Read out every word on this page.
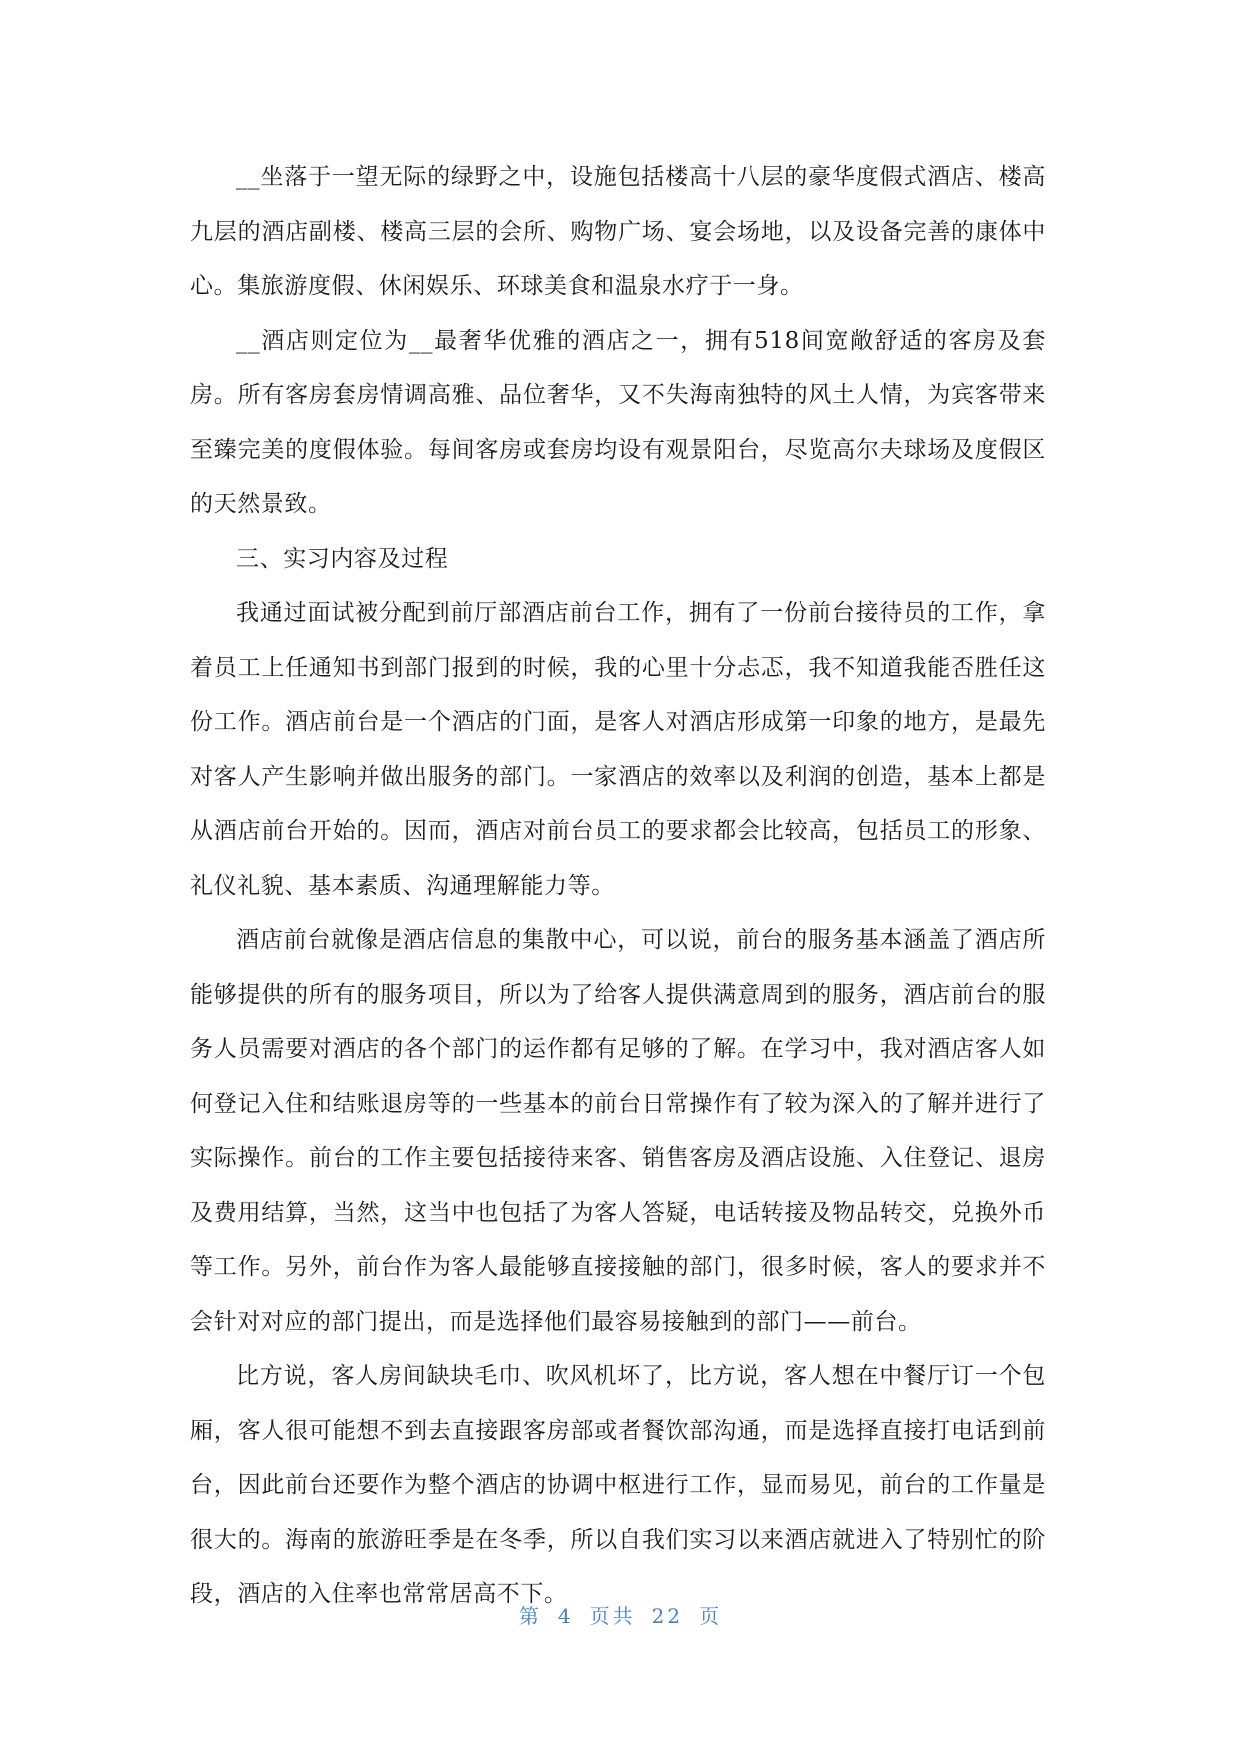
__坐落于一望无际的绿野之中，设施包括楼高十八层的豪华度假式酒店、楼高九层的酒店副楼、楼高三层的会所、购物广场、宴会场地，以及设备完善的康体中心。集旅游度假、休闲娱乐、环球美食和温泉水疗于一身。

__酒店则定位为__最奢华优雅的酒店之一，拥有518间宽敞舒适的客房及套房。所有客房套房情调高雅、品位奢华，又不失海南独特的风土人情，为宾客带来至臻完美的度假体验。每间客房或套房均设有观景阳台，尽览高尔夫球场及度假区的天然景致。

三、实习内容及过程

我通过面试被分配到前厅部酒店前台工作，拥有了一份前台接待员的工作，拿着员工上任通知书到部门报到的时候，我的心里十分忐忑，我不知道我能否胜任这份工作。酒店前台是一个酒店的门面，是客人对酒店形成第一印象的地方，是最先对客人产生影响并做出服务的部门。一家酒店的效率以及利润的创造，基本上都是从酒店前台开始的。因而，酒店对前台员工的要求都会比较高，包括员工的形象、礼仪礼貌、基本素质、沟通理解能力等。

酒店前台就像是酒店信息的集散中心，可以说，前台的服务基本涵盖了酒店所能够提供的所有的服务项目，所以为了给客人提供满意周到的服务，酒店前台的服务人员需要对酒店的各个部门的运作都有足够的了解。在学习中，我对酒店客人如何登记入住和结账退房等的一些基本的前台日常操作有了较为深入的了解并进行了实际操作。前台的工作主要包括接待来客、销售客房及酒店设施、入住登记、退房及费用结算，当然，这当中也包括了为客人答疑，电话转接及物品转交，兑换外币等工作。另外，前台作为客人最能够直接接触的部门，很多时候，客人的要求并不会针对对应的部门提出，而是选择他们最容易接触到的部门——前台。

比方说，客人房间缺块毛巾、吹风机坏了，比方说，客人想在中餐厅订一个包厢，客人很可能想不到去直接跟客房部或者餐饮部沟通，而是选择直接打电话到前台，因此前台还要作为整个酒店的协调中枢进行工作，显而易见，前台的工作量是很大的。海南的旅游旺季是在冬季，所以自我们实习以来酒店就进入了特别忙的阶段，酒店的入住率也常常居高不下。

第 4 页共 22 页
